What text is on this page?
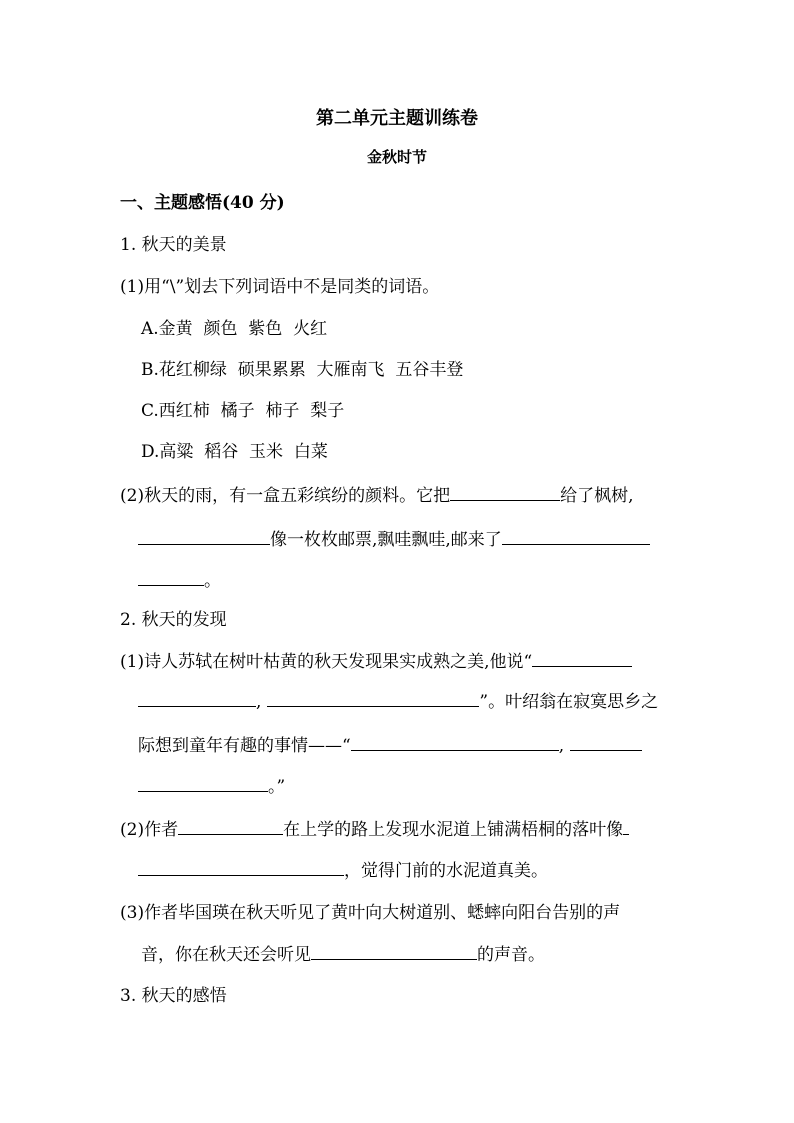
第二单元主题训练卷
金秋时节
一、主题感悟(40 分)
1. 秋天的美景
(1)用“\”划去下列词语中不是同类的词语。
A.金黄  颜色  紫色  火红
B.花红柳绿  硕果累累  大雁南飞  五谷丰登
C.西红柿  橘子  柿子  梨子
D.高粱  稻谷  玉米  白菜
(2)秋天的雨，有一盒五彩缤纷的颜料。它把	给了枫树,
像一枚枚邮票,飘哇飘哇,邮来了
。
2. 秋天的发现
(1)诗人苏轼在树叶枯黄的秋天发现果实成熟之美,他说“
,	”。叶绍翁在寂寞思乡之
际想到童年有趣的事情——“	,
。”
(2)作者	在上学的路上发现水泥道上铺满梧桐的落叶像
，觉得门前的水泥道真美。
(3)作者毕国瑛在秋天听见了黄叶向大树道别、蟋蟀向阳台告别的声
音，你在秋天还会听见	的声音。
3. 秋天的感悟
